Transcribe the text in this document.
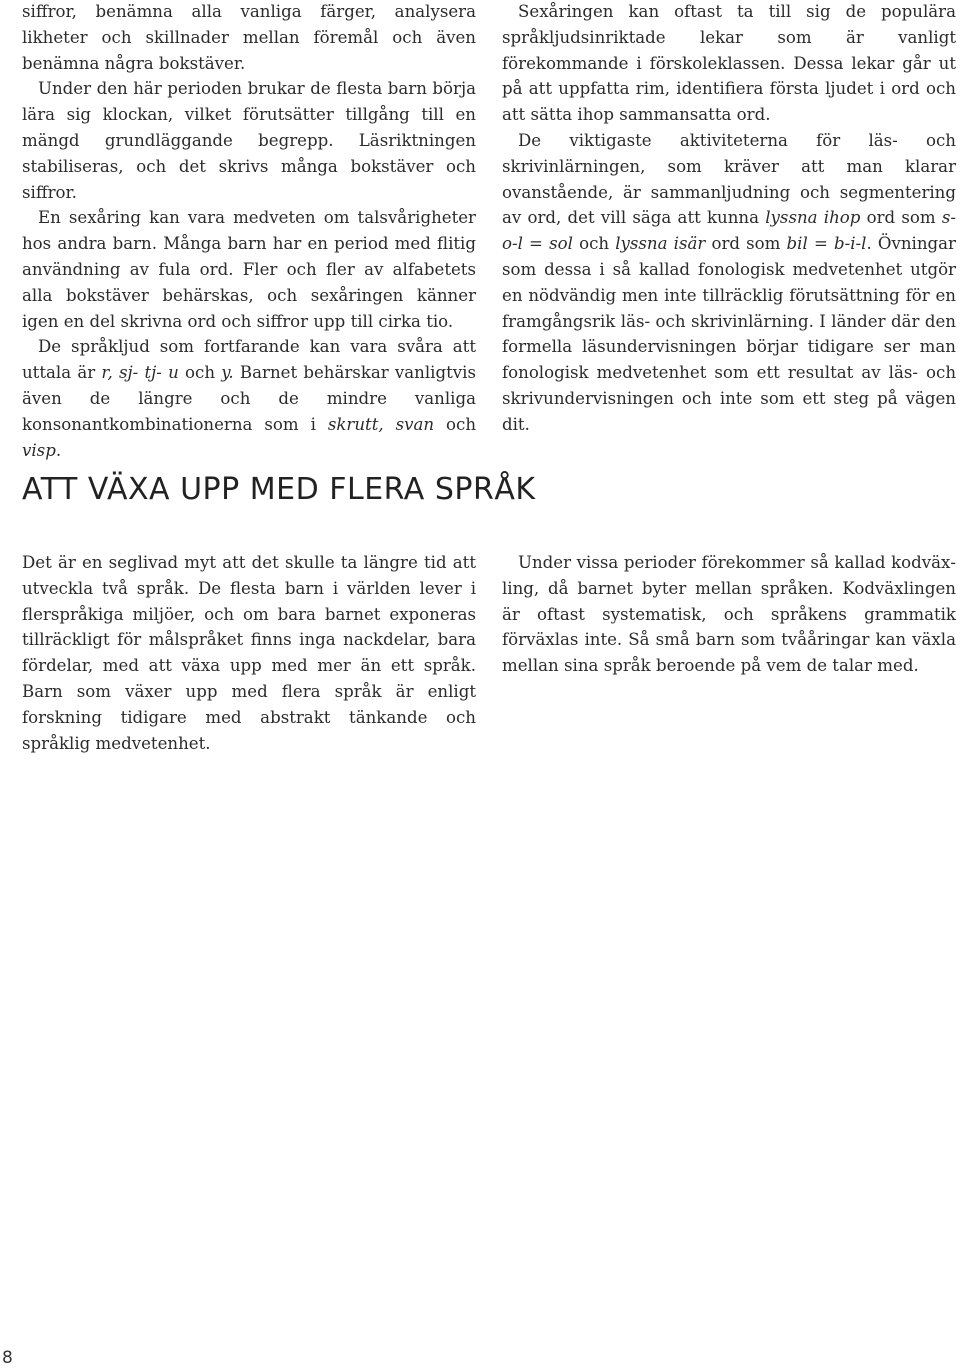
siffror, benämna alla vanliga färger, analysera likheter och skillnader mellan föremål och även benämna några bokstäver.

Under den här perioden brukar de flesta barn börja lära sig klockan, vilket förutsätter tillgång till en mängd grundläggande begrepp. Läsriktningen stabiliseras, och det skrivs många bokstäver och siffror.

En sexåring kan vara medveten om talsvårigheter hos andra barn. Många barn har en period med flitig användning av fula ord. Fler och fler av alfabetets alla bokstäver behärskas, och sexåringen känner igen en del skrivna ord och siffror upp till cirka tio.

De språkljud som fortfarande kan vara svåra att uttala är r, sj- tj- u och y. Barnet behärskar vanligtvis även de längre och de mindre vanliga konsonantkombinationerna som i skrutt, svan och visp.

Sexåringen kan oftast ta till sig de populära språkljudsinriktade lekar som är vanligt förekommande i förskoleklassen. Dessa lekar går ut på att uppfatta rim, identifiera första ljudet i ord och att sätta ihop sammansatta ord.

De viktigaste aktiviteterna för läs- och skrivinlärningen, som kräver att man klarar ovanstående, är sammanljudning och segmentering av ord, det vill säga att kunna lyssna ihop ord som s-o-l = sol och lyssna isär ord som bil = b-i-l. Övningar som dessa i så kallad fonologisk medvetenhet utgör en nödvändig men inte tillräcklig förutsättning för en framgångsrik läs- och skrivinlärning. I länder där den formella läsundervisningen börjar tidigare ser man fonologisk medvetenhet som ett resultat av läs- och skrivundervisningen och inte som ett steg på vägen dit.

ATT VÄXA UPP MED FLERA SPRÅK

Det är en seglivad myt att det skulle ta längre tid att utveckla två språk. De flesta barn i världen lever i flerspråkiga miljöer, och om bara barnet exponeras tillräckligt för målspråket finns inga nackdelar, bara fördelar, med att växa upp med mer än ett språk. Barn som växer upp med flera språk är enligt forskning tidigare med abstrakt tänkande och språklig medvetenhet.

Under vissa perioder förekommer så kallad kodväxling, då barnet byter mellan språken. Kodväxlingen är oftast systematisk, och språkens grammatik förväxlas inte. Så små barn som tvååringar kan växla mellan sina språk beroende på vem de talar med.

8
